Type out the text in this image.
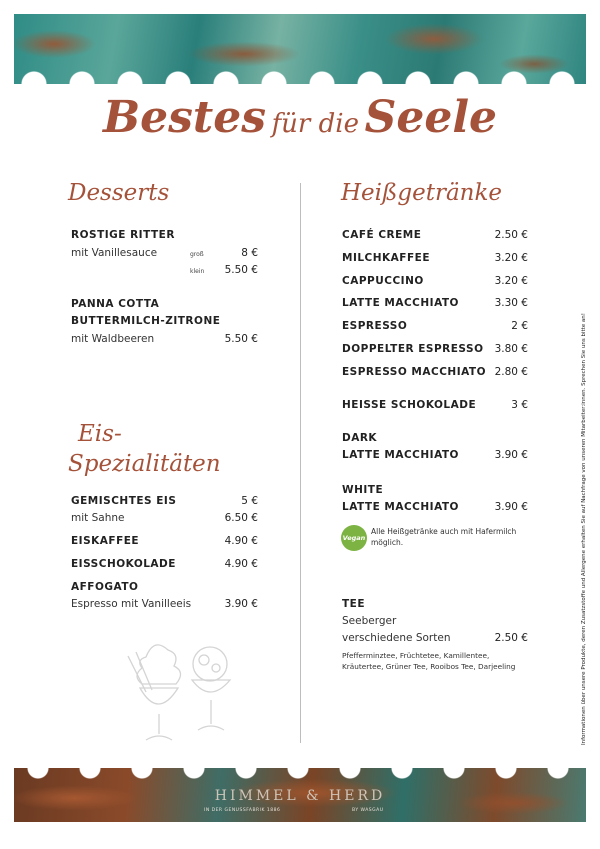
Bestes für die Seele
Desserts
ROSTIGE RITTER
mit Vanillesauce	groß	8 €
klein	5.50 €
PANNA COTTA
BUTTERMILCH-ZITRONE
mit Waldbeeren	5.50 €
Eis-
Spezialitäten
GEMISCHTES EIS	5 €
mit Sahne	6.50 €
EISKAFFEE	4.90 €
EISSCHOKOLADE	4.90 €
AFFOGATO
Espresso mit Vanilleeis	3.90 €
Heißgetränke
CAFÉ CREME	2.50 €
MILCHKAFFEE	3.20 €
CAPPUCCINO	3.20 €
LATTE MACCHIATO	3.30 €
ESPRESSO	2 €
DOPPELTER ESPRESSO	3.80 €
ESPRESSO MACCHIATO 2.80 €
HEISSE SCHOKOLADE	3 €
DARK
LATTE MACCHIATO	3.90 €
WHITE
LATTE MACCHIATO	3.90 €
Vegan
Alle Heißgetränke auch mit Hafermilch möglich.
TEE
Seeberger
verschiedene Sorten	2.50 €
Pfefferminztee, Früchtetee, Kamillentee, Kräutertee, Grüner Tee, Rooibos Tee, Darjeeling	Informationen über unsere Produkte, deren Zusatzstoffe und Allergene erhalten Sie auf Nachfrage von unseren Mitarbeiter:innen. Sprechen Sie uns bitte an!
HIMMEL & HERD
IN DER GENUSSFABRIK 1886	BY WASGAU
